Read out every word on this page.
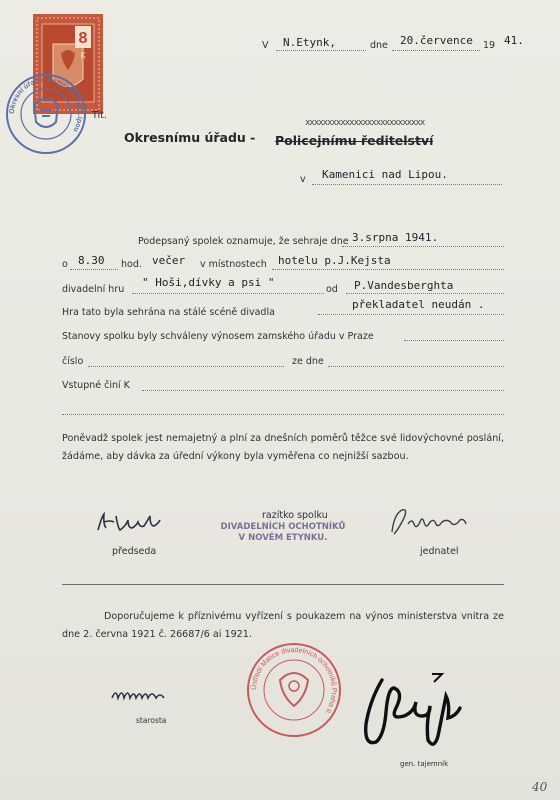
8
K
Okresní úřad v Kamenici nad Lipou
V N.Etynk,	dne 20.července 19 41.
Tit.
Okresnímu úřadu - $_{Policejnímu ředitelství}$
xxxxxxxxxxxxxxxxxxxxxxxxxxx
v Kamenici nad Lipou.
Podepsaný spolek oznamuje, že sehraje dne 3.srpna 1941.
o 8.30 hod. večer v místnostech hotelu p.J.Kejsta
divadelní hru
" Hoši,dívky a psi "
od P.Vandesberghta
Hra tato byla sehrána na stálé scéně divadla
překladatel neudán .
Stanovy spolku byly schváleny výnosem zamského úřadu v Praze
číslo	ze dne
Vstupné činí K
Poněvadž spolek jest nemajetný a plní za dnešních poměrů těžce své lidovýchovné poslání, žádáme, aby dávka za úřední výkony byla vyměřena co nejnižší sazbou.
předseda
razítko spolku
DIVADELNÍCH OCHOTNÍKŮ
V NOVÉM ETYNKU.
jednatel
Doporučujeme k příznivému vyřízení s poukazem na výnos ministerstva vnitra ze dne 2. června 1921 č. 26687/6 ai 1921.
Ústředí Matice divadelních ochotníků Praha II.
starosta
gen. tajemník
40
